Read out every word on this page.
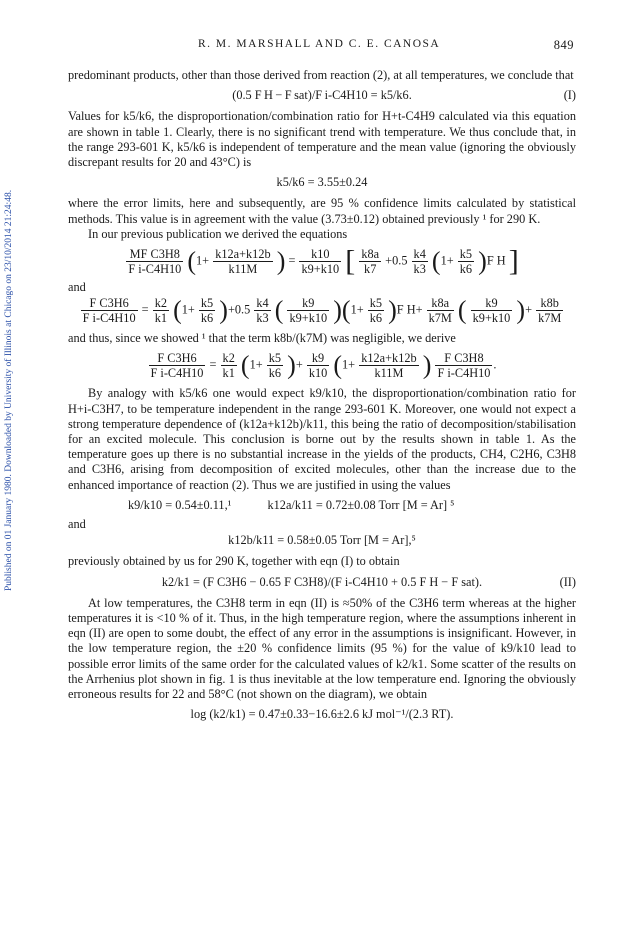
R. M. MARSHALL AND C. E. CANOSA	849
Published on 01 January 1980. Downloaded by University of Illinois at Chicago on 23/10/2014 21:24:48.

predominant products, other than those derived from reaction (2), at all temperatures, we conclude that

(0.5 F H − F sat)/F i-C4H10 = k5/k6.	(I)

Values for k5/k6, the disproportionation/combination ratio for H+t-C4H9 calculated via this equation are shown in table 1. Clearly, there is no significant trend with temperature. We thus conclude that, in the range 293-601 K, k5/k6 is independent of temperature and the mean value (ignoring the obviously discrepant results for 20 and 43°C) is

k5/k6 = 3.55±0.24

where the error limits, here and subsequently, are 95 % confidence limits calculated by statistical methods. This value is in agreement with the value (3.73±0.12) obtained previously ¹ for 290 K.

In our previous publication we derived the equations

$\frac{\text{MF C3H8}}{\text{F i-C4H10}} (1+ \frac{k12a+k12b}{k11M}$ ) = $\frac{k10}{k9+k10}$ [ $\frac{k8a}{k7} +0.5 \frac{k4}{k3} (1+ \frac{k5}{k6} )F$ H ]
and
$\frac{\text{F C3H6}}{\text{F i-C4H10}} = \frac{k2}{k1} (1+ \frac{k5}{k6} )+0.5 \frac{k4}{k3}$ ( $\frac{k9}{k9+k10} )(1+ \frac{k5}{k6} )F$ $H+ \frac{k8a}{k7M}$ ( $\frac{k9}{k9+k10}$ )+ $\frac{k8b}{k7M}$

and thus, since we showed ¹ that the term k8b/(k7M) was negligible, we derive

$\frac{\text{F C3H6}}{\text{F i-C4H10}} = \frac{k2}{k1} (1+ \frac{k5}{k6}$ )+ $\frac{k9}{k10} (1+ \frac{k12a+k12b}{k11M}$ ) $\frac{\text{F C3H8}}{\text{F i-C4H10}}$ .

By analogy with k5/k6 one would expect k9/k10, the disproportionation/combination ratio for H+i-C3H7, to be temperature independent in the range 293-601 K. Moreover, one would not expect a strong temperature dependence of (k12a+k12b)/k11, this being the ratio of decomposition/stabilisation for an excited molecule. This conclusion is borne out by the results shown in table 1. As the temperature goes up there is no substantial increase in the yields of the products, CH4, C2H6, C3H8 and C3H6, arising from decomposition of excited molecules, other than the increase due to the enhanced importance of reaction (2). Thus we are justified in using the values

k9/k10 = 0.54±0.11,¹	k12a/k11 = 0.72±0.08 Torr [M = Ar] ⁵
and
k12b/k11 = 0.58±0.05 Torr [M = Ar],⁵

previously obtained by us for 290 K, together with eqn (I) to obtain

k2/k1 = (F C3H6 − 0.65 F C3H8)/(F i-C4H10 + 0.5 F H − F sat).	(II)

At low temperatures, the C3H8 term in eqn (II) is ≈50% of the C3H6 term whereas at the higher temperatures it is <10 % of it. Thus, in the high temperature region, where the assumptions inherent in eqn (II) are open to some doubt, the effect of any error in the assumptions is insignificant. However, in the low temperature region, the ±20 % confidence limits (95 %) for the value of k9/k10 lead to possible error limits of the same order for the calculated values of k2/k1. Some scatter of the results on the Arrhenius plot shown in fig. 1 is thus inevitable at the low temperature end. Ignoring the obviously erroneous results for 22 and 58°C (not shown on the diagram), we obtain

log (k2/k1) = 0.47±0.33−16.6±2.6 kJ mol⁻¹/(2.3 RT).
